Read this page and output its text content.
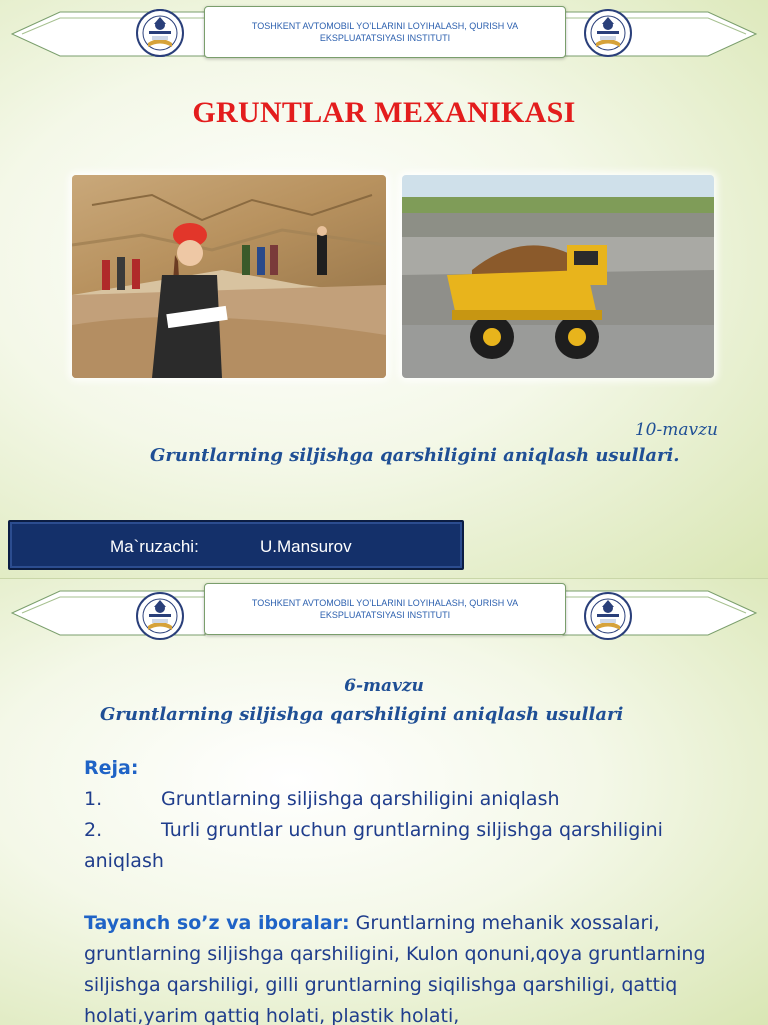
TOSHKENT AVTOMOBIL YO’LLARINI LOYIHALASH, QURISH VA EKSPLUATATSIYASI INSTITUTI
GRUNTLAR MEXANIKASI
10-mavzu
Gruntlarning siljishga qarshiligini aniqlash usullari.
Ma`ruzachi:	U.Mansurov
TOSHKENT AVTOMOBIL YO’LLARINI LOYIHALASH, QURISH VA EKSPLUATATSIYASI INSTITUTI
6-mavzu
Gruntlarning siljishga qarshiligini aniqlash usullari
Reja:
1.	Gruntlarning siljishga qarshiligini aniqlash
2.	Turli gruntlar uchun gruntlarning siljishga qarshiligini aniqlash
Tayanch so’z va iboralar: Gruntlarning mehanik xossalari, gruntlarning siljishga qarshiligini, Kulon qonuni,qoya gruntlarning siljishga qarshiligi, gilli gruntlarning siqilishga qarshiligi, qattiq holati,yarim qattiq holati, plastik holati,
